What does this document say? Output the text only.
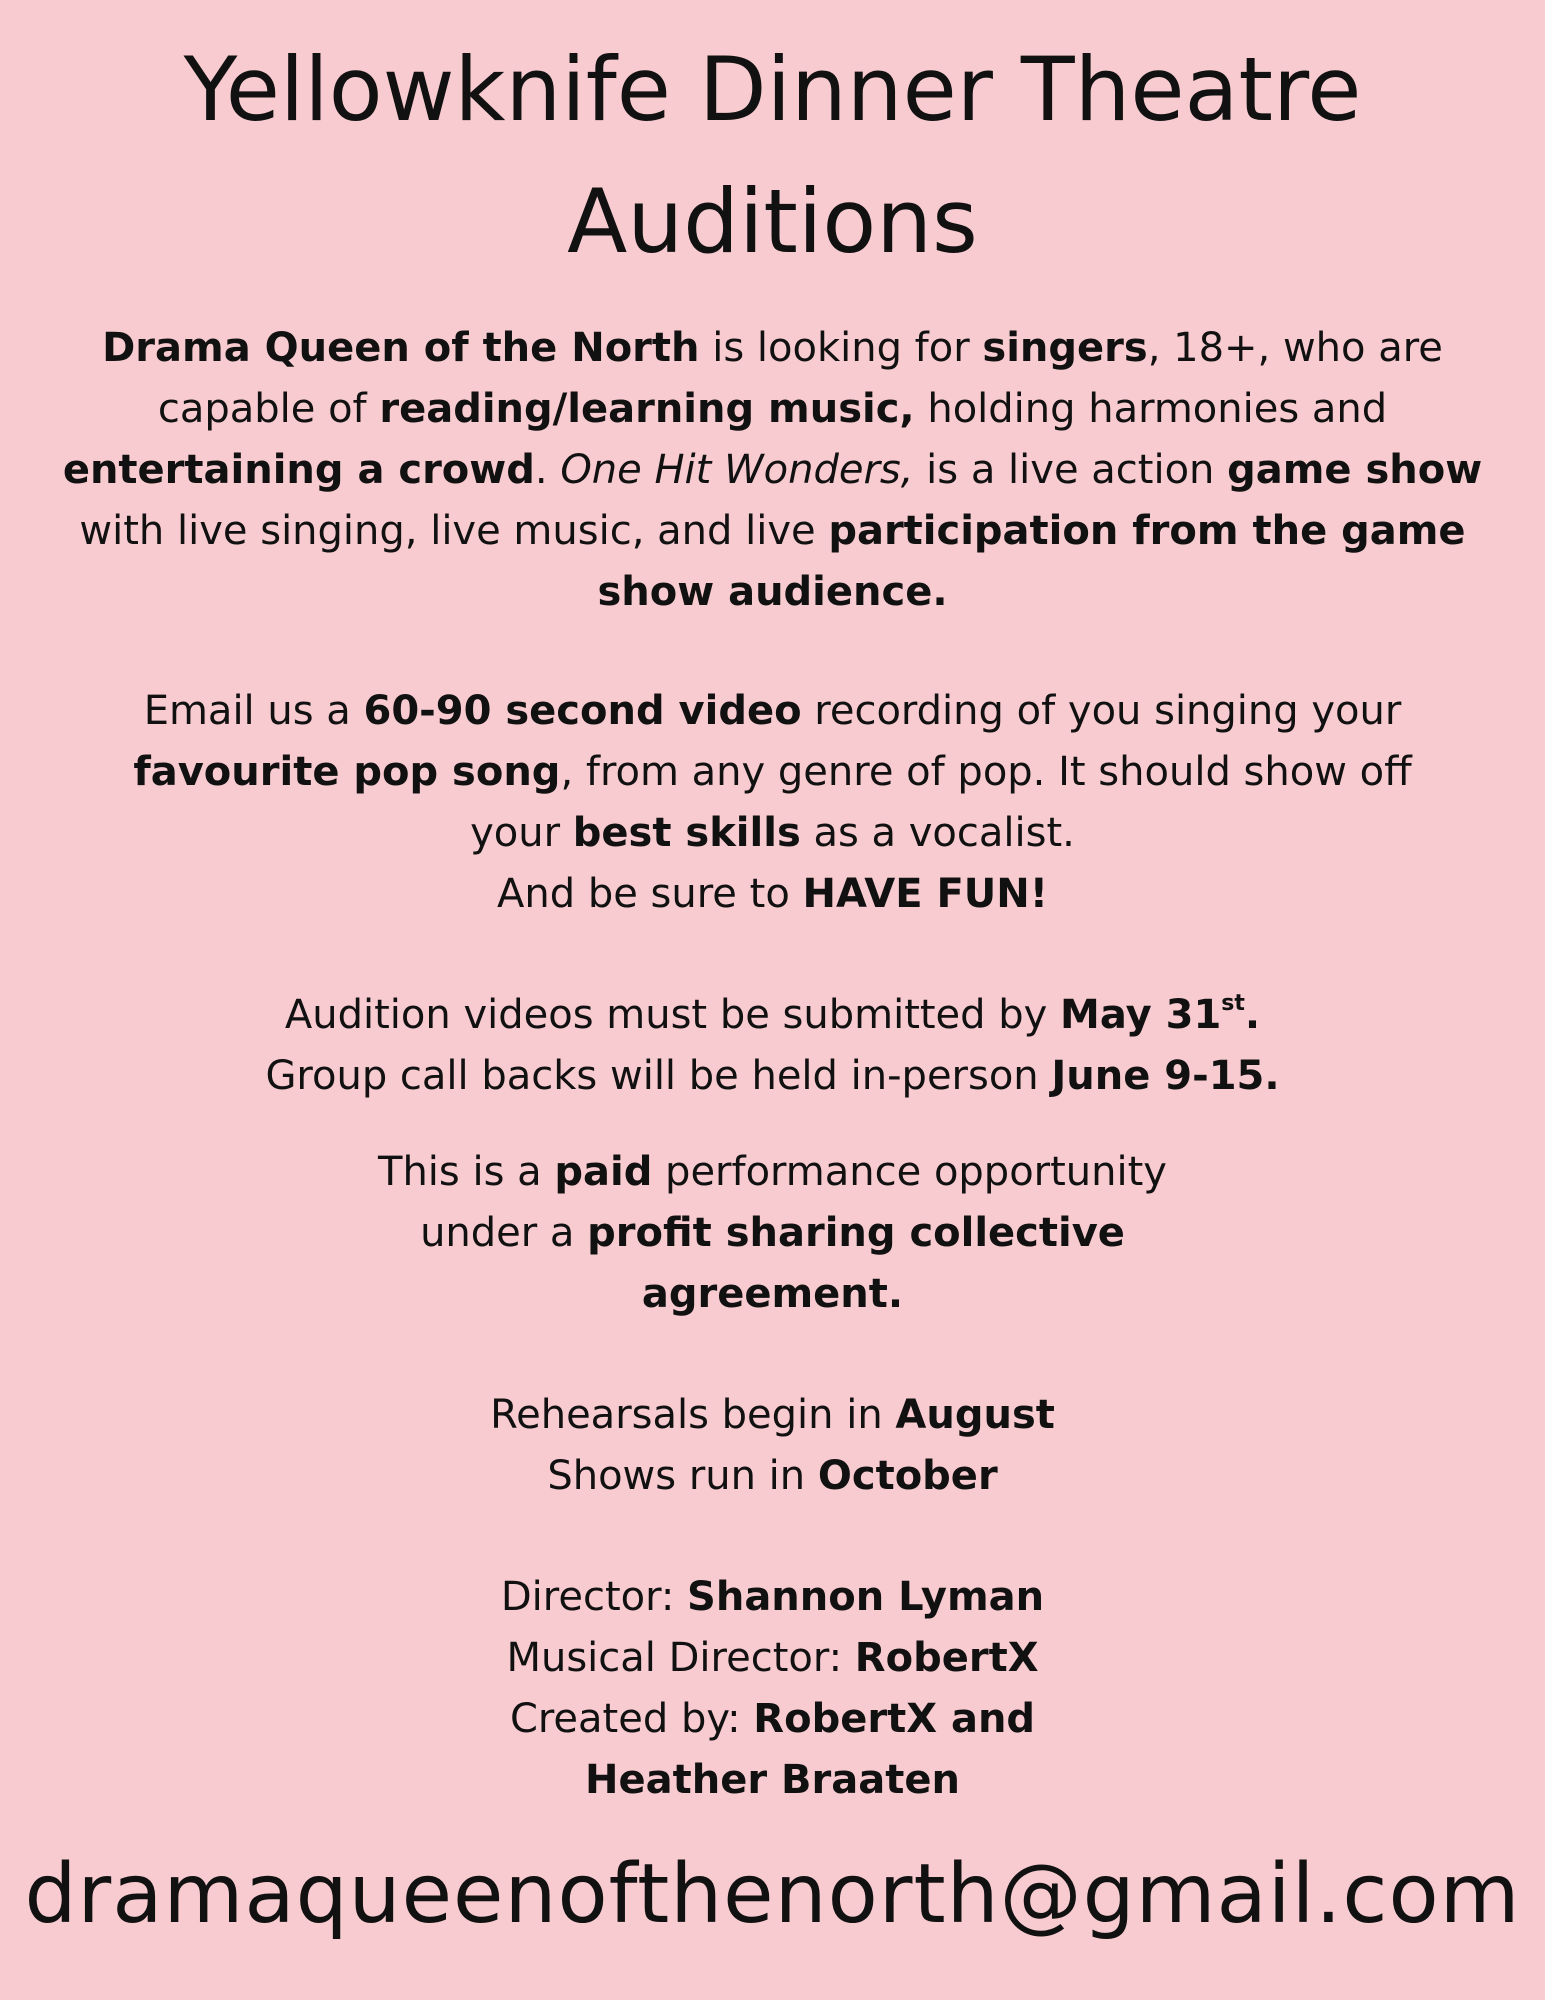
Yellowknife Dinner Theatre
Auditions
Drama Queen of the North is looking for singers, 18+, who are
capable of reading/learning music, holding harmonies and
entertaining a crowd. One Hit Wonders, is a live action game show
with live singing, live music, and live participation from the game
show audience.
Email us a 60-90 second video recording of you singing your
favourite pop song, from any genre of pop. It should show off
your best skills as a vocalist.
And be sure to HAVE FUN!
Audition videos must be submitted by May 31st.
Group call backs will be held in-person June 9-15.
This is a paid performance opportunity
under a profit sharing collective
agreement.
Rehearsals begin in August
Shows run in October
Director: Shannon Lyman
Musical Director: RobertX
Created by: RobertX and
Heather Braaten
dramaqueenofthenorth@gmail.com
